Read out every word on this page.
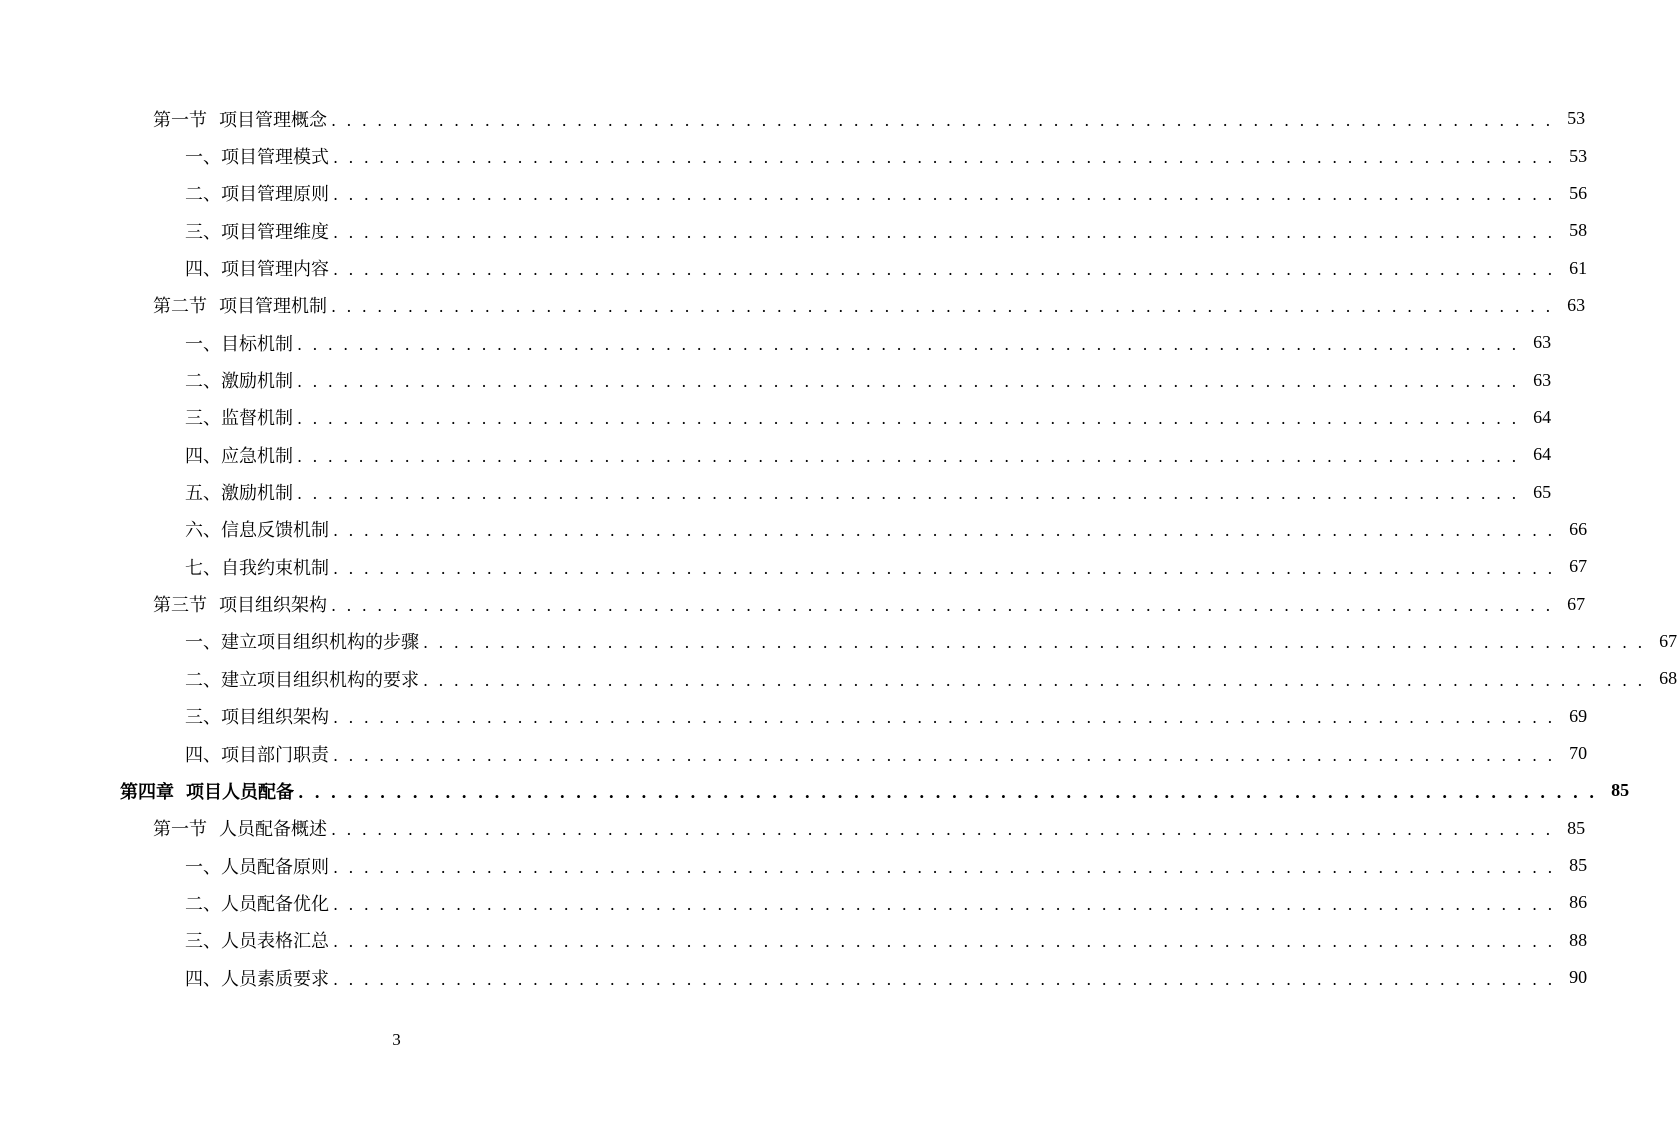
第一节 项目管理概念 . . . . . . . . . . . . . . . . . . . . . . . . . . . . . . . . . . . . . . . . . . . . . . . . . . . . . . . . . . . . . . . . . . . . . . . . . . . . . . . . 53
一、项目管理模式 . . . . . . . . . . . . . . . . . . . . . . . . . . . . . . . . . . . . . . . . . . . . . . . . . . . . . . . . . . . . . . . . . . . . . . . . . . . . . . . . 53
二、项目管理原则 . . . . . . . . . . . . . . . . . . . . . . . . . . . . . . . . . . . . . . . . . . . . . . . . . . . . . . . . . . . . . . . . . . . . . . . . . . . . . . . . 56
三、项目管理维度 . . . . . . . . . . . . . . . . . . . . . . . . . . . . . . . . . . . . . . . . . . . . . . . . . . . . . . . . . . . . . . . . . . . . . . . . . . . . . . . . 58
四、项目管理内容 . . . . . . . . . . . . . . . . . . . . . . . . . . . . . . . . . . . . . . . . . . . . . . . . . . . . . . . . . . . . . . . . . . . . . . . . . . . . . . . . 61
第二节 项目管理机制 . . . . . . . . . . . . . . . . . . . . . . . . . . . . . . . . . . . . . . . . . . . . . . . . . . . . . . . . . . . . . . . . . . . . . . . . . . . . . . . . 63
一、目标机制 . . . . . . . . . . . . . . . . . . . . . . . . . . . . . . . . . . . . . . . . . . . . . . . . . . . . . . . . . . . . . . . . . . . . . . . . . . . . . . . . 63
二、激励机制 . . . . . . . . . . . . . . . . . . . . . . . . . . . . . . . . . . . . . . . . . . . . . . . . . . . . . . . . . . . . . . . . . . . . . . . . . . . . . . . . 63
三、监督机制 . . . . . . . . . . . . . . . . . . . . . . . . . . . . . . . . . . . . . . . . . . . . . . . . . . . . . . . . . . . . . . . . . . . . . . . . . . . . . . . . 64
四、应急机制 . . . . . . . . . . . . . . . . . . . . . . . . . . . . . . . . . . . . . . . . . . . . . . . . . . . . . . . . . . . . . . . . . . . . . . . . . . . . . . . . 64
五、激励机制 . . . . . . . . . . . . . . . . . . . . . . . . . . . . . . . . . . . . . . . . . . . . . . . . . . . . . . . . . . . . . . . . . . . . . . . . . . . . . . . . 65
六、信息反馈机制 . . . . . . . . . . . . . . . . . . . . . . . . . . . . . . . . . . . . . . . . . . . . . . . . . . . . . . . . . . . . . . . . . . . . . . . . . . . . . . . . 66
七、自我约束机制 . . . . . . . . . . . . . . . . . . . . . . . . . . . . . . . . . . . . . . . . . . . . . . . . . . . . . . . . . . . . . . . . . . . . . . . . . . . . . . . . 67
第三节 项目组织架构 . . . . . . . . . . . . . . . . . . . . . . . . . . . . . . . . . . . . . . . . . . . . . . . . . . . . . . . . . . . . . . . . . . . . . . . . . . . . . . . . 67
一、建立项目组织机构的步骤 . . . . . . . . . . . . . . . . . . . . . . . . . . . . . . . . . . . . . . . . . . . . . . . . . . . . . . . . . . . . . . . . . . . . . . . . . . . . . . . . 67
二、建立项目组织机构的要求 . . . . . . . . . . . . . . . . . . . . . . . . . . . . . . . . . . . . . . . . . . . . . . . . . . . . . . . . . . . . . . . . . . . . . . . . . . . . . . . . 68
三、项目组织架构 . . . . . . . . . . . . . . . . . . . . . . . . . . . . . . . . . . . . . . . . . . . . . . . . . . . . . . . . . . . . . . . . . . . . . . . . . . . . . . . . 69
四、项目部门职责 . . . . . . . . . . . . . . . . . . . . . . . . . . . . . . . . . . . . . . . . . . . . . . . . . . . . . . . . . . . . . . . . . . . . . . . . . . . . . . . . 70
第四章 项目人员配备 . . . . . . . . . . . . . . . . . . . . . . . . . . . . . . . . . . . . . . . . . . . . . . . . . . . . . . . . . . . . . . . . . . . . . . . . . . . . . . . . 85
第一节 人员配备概述 . . . . . . . . . . . . . . . . . . . . . . . . . . . . . . . . . . . . . . . . . . . . . . . . . . . . . . . . . . . . . . . . . . . . . . . . . . . . . . . . 85
一、人员配备原则 . . . . . . . . . . . . . . . . . . . . . . . . . . . . . . . . . . . . . . . . . . . . . . . . . . . . . . . . . . . . . . . . . . . . . . . . . . . . . . . . 85
二、人员配备优化 . . . . . . . . . . . . . . . . . . . . . . . . . . . . . . . . . . . . . . . . . . . . . . . . . . . . . . . . . . . . . . . . . . . . . . . . . . . . . . . . 86
三、人员表格汇总 . . . . . . . . . . . . . . . . . . . . . . . . . . . . . . . . . . . . . . . . . . . . . . . . . . . . . . . . . . . . . . . . . . . . . . . . . . . . . . . . 88
四、人员素质要求 . . . . . . . . . . . . . . . . . . . . . . . . . . . . . . . . . . . . . . . . . . . . . . . . . . . . . . . . . . . . . . . . . . . . . . . . . . . . . . . . 90
3
